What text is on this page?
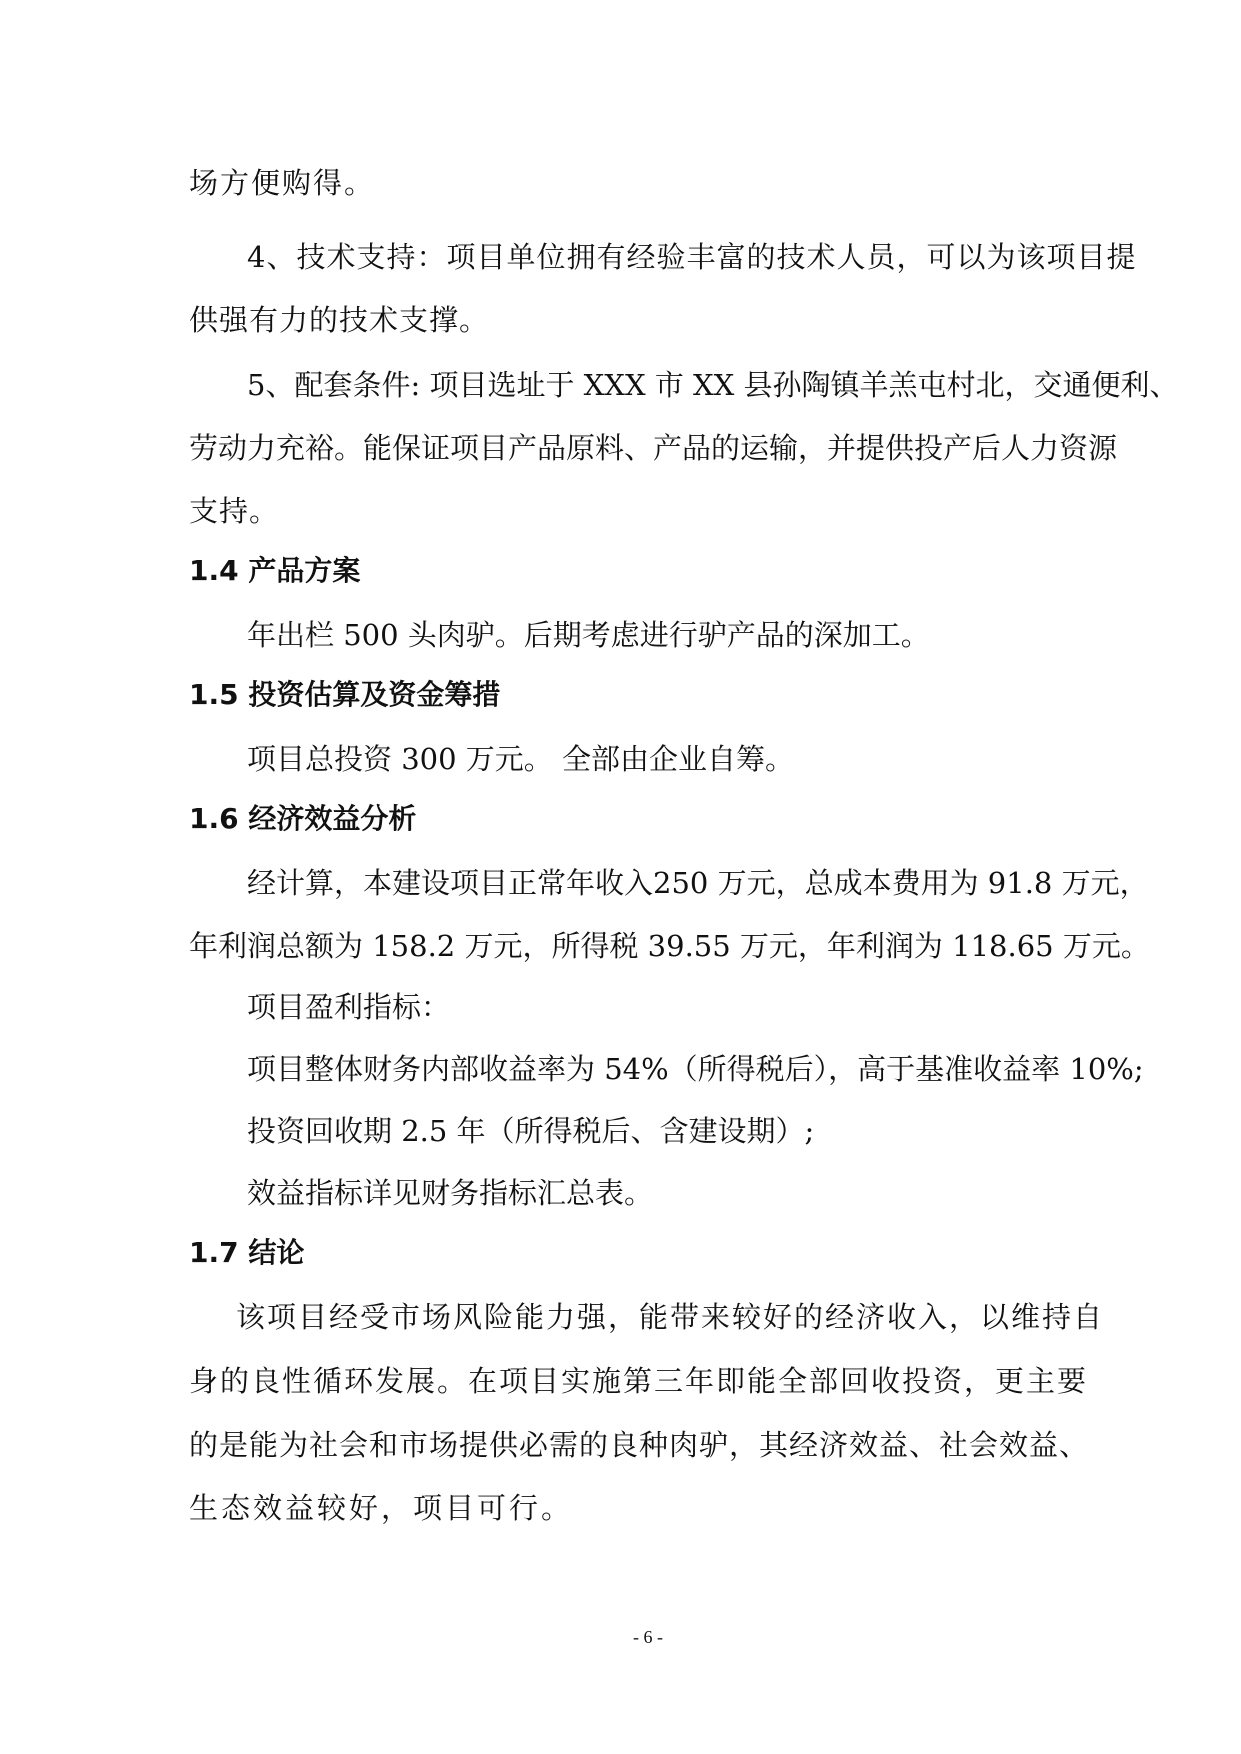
场方便购得。
4、技术支持：项目单位拥有经验丰富的技术人员，可以为该项目提
供强有力的技术支撑。
5、配套条件: 项目选址于 XXX 市 XX 县孙陶镇羊羔屯村北，交通便利、
劳动力充裕。能保证项目产品原料、产品的运输，并提供投产后人力资源
支持。
1.4 产品方案
年出栏 500 头肉驴。后期考虑进行驴产品的深加工。
1.5 投资估算及资金筹措
项目总投资 300 万元。 全部由企业自筹。
1.6 经济效益分析
经计算，本建设项目正常年收入250 万元，总成本费用为 91.8 万元，
年利润总额为 158.2 万元，所得税 39.55 万元，年利润为 118.65 万元。
项目盈利指标：
项目整体财务内部收益率为 54%（所得税后），高于基准收益率 10%;
投资回收期 2.5 年（所得税后、含建设期）;
效益指标详见财务指标汇总表。
1.7 结论
该项目经受市场风险能力强，能带来较好的经济收入，以维持自
身的良性循环发展。在项目实施第三年即能全部回收投资，更主要
的是能为社会和市场提供必需的良种肉驴，其经济效益、社会效益、
生态效益较好，项目可行。
- 6 -
